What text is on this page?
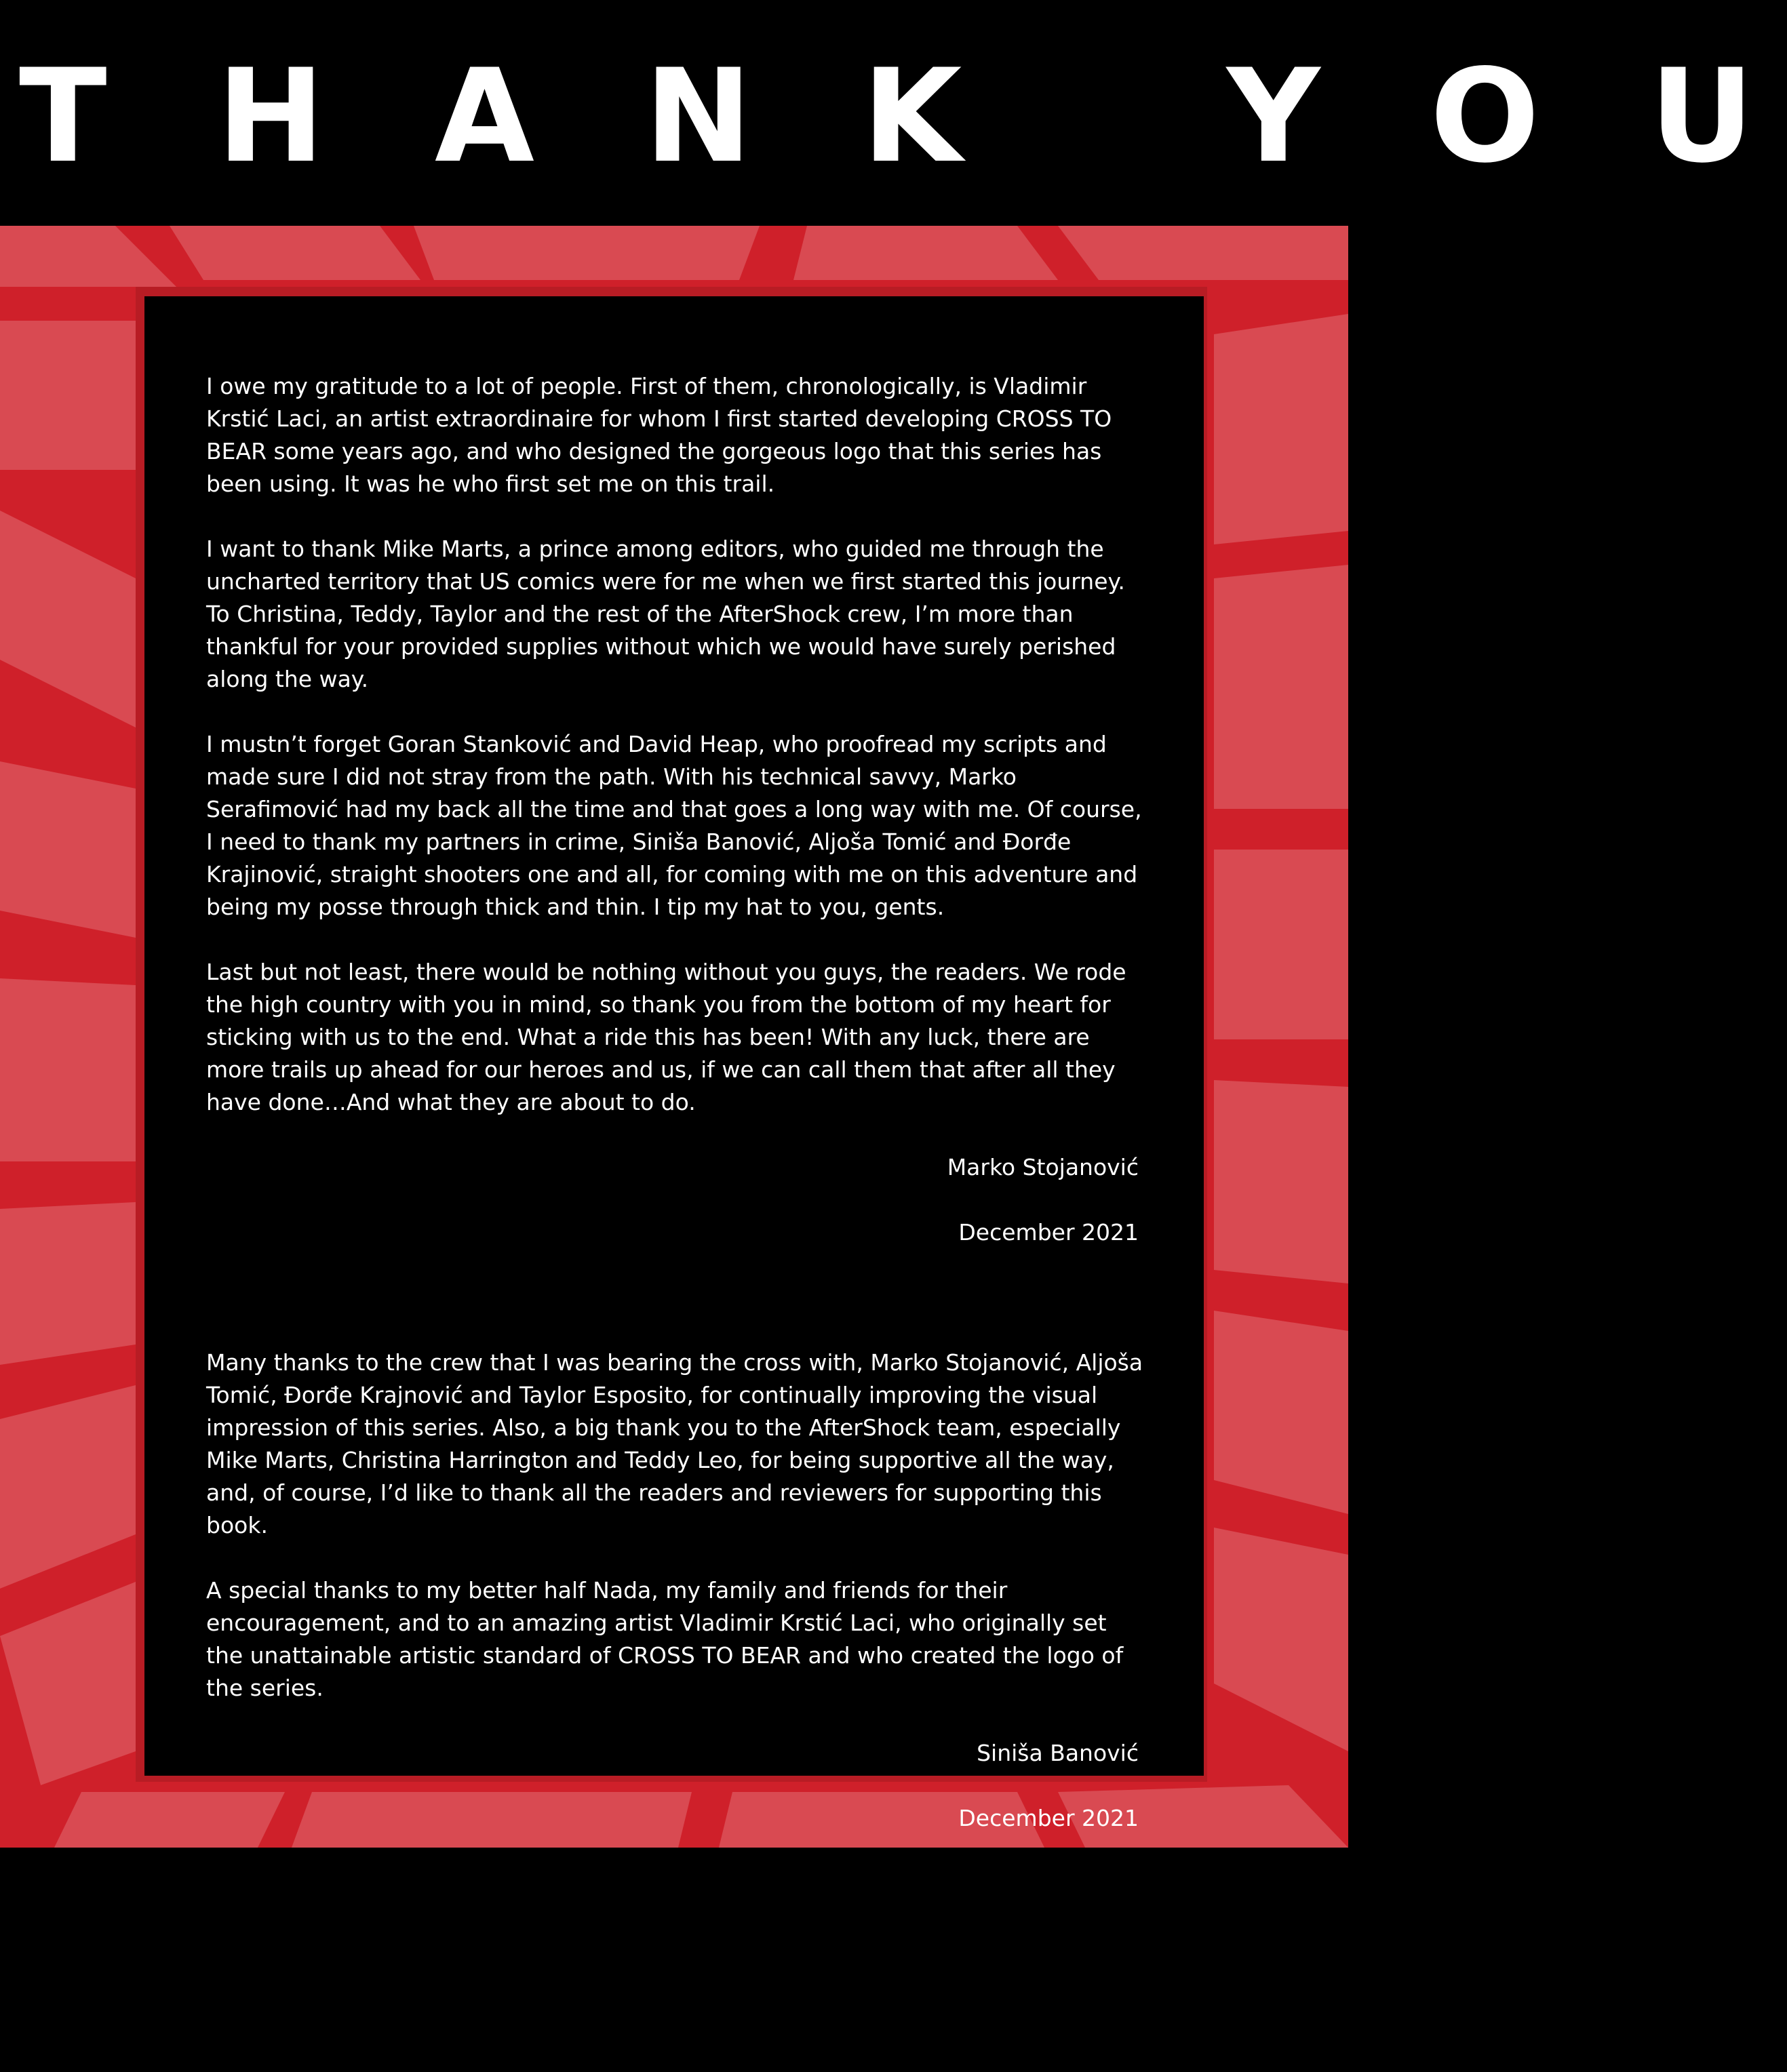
T H A N K   Y O U

I owe my gratitude to a lot of people. First of them, chronologically, is Vladimir Krstić Laci, an artist extraordinaire for whom I first started developing CROSS TO BEAR some years ago, and who designed the gorgeous logo that this series has been using. It was he who first set me on this trail.

I want to thank Mike Marts, a prince among editors, who guided me through the uncharted territory that US comics were for me when we first started this journey. To Christina, Teddy, Taylor and the rest of the AfterShock crew, I’m more than thankful for your provided supplies without which we would have surely perished along the way.

I mustn’t forget Goran Stanković and David Heap, who proofread my scripts and made sure I did not stray from the path. With his technical savvy, Marko Serafimović had my back all the time and that goes a long way with me. Of course, I need to thank my partners in crime, Siniša Banović, Aljoša Tomić and Đorđe Krajinović, straight shooters one and all, for coming with me on this adventure and being my posse through thick and thin. I tip my hat to you, gents.

Last but not least, there would be nothing without you guys, the readers. We rode the high country with you in mind, so thank you from the bottom of my heart for sticking with us to the end. What a ride this has been! With any luck, there are more trails up ahead for our heroes and us, if we can call them that after all they have done…And what they are about to do.

Marko Stojanović

December 2021

Many thanks to the crew that I was bearing the cross with, Marko Stojanović, Aljoša Tomić, Đorđe Krajnović and Taylor Esposito, for continually improving the visual impression of this series. Also, a big thank you to the AfterShock team, especially Mike Marts, Christina Harrington and Teddy Leo, for being supportive all the way, and, of course, I’d like to thank all the readers and reviewers for supporting this book.

A special thanks to my better half Nada, my family and friends for their encouragement, and to an amazing artist Vladimir Krstić Laci, who originally set the unattainable artistic standard of CROSS TO BEAR and who created the logo of the series.

Siniša Banović

December 2021
